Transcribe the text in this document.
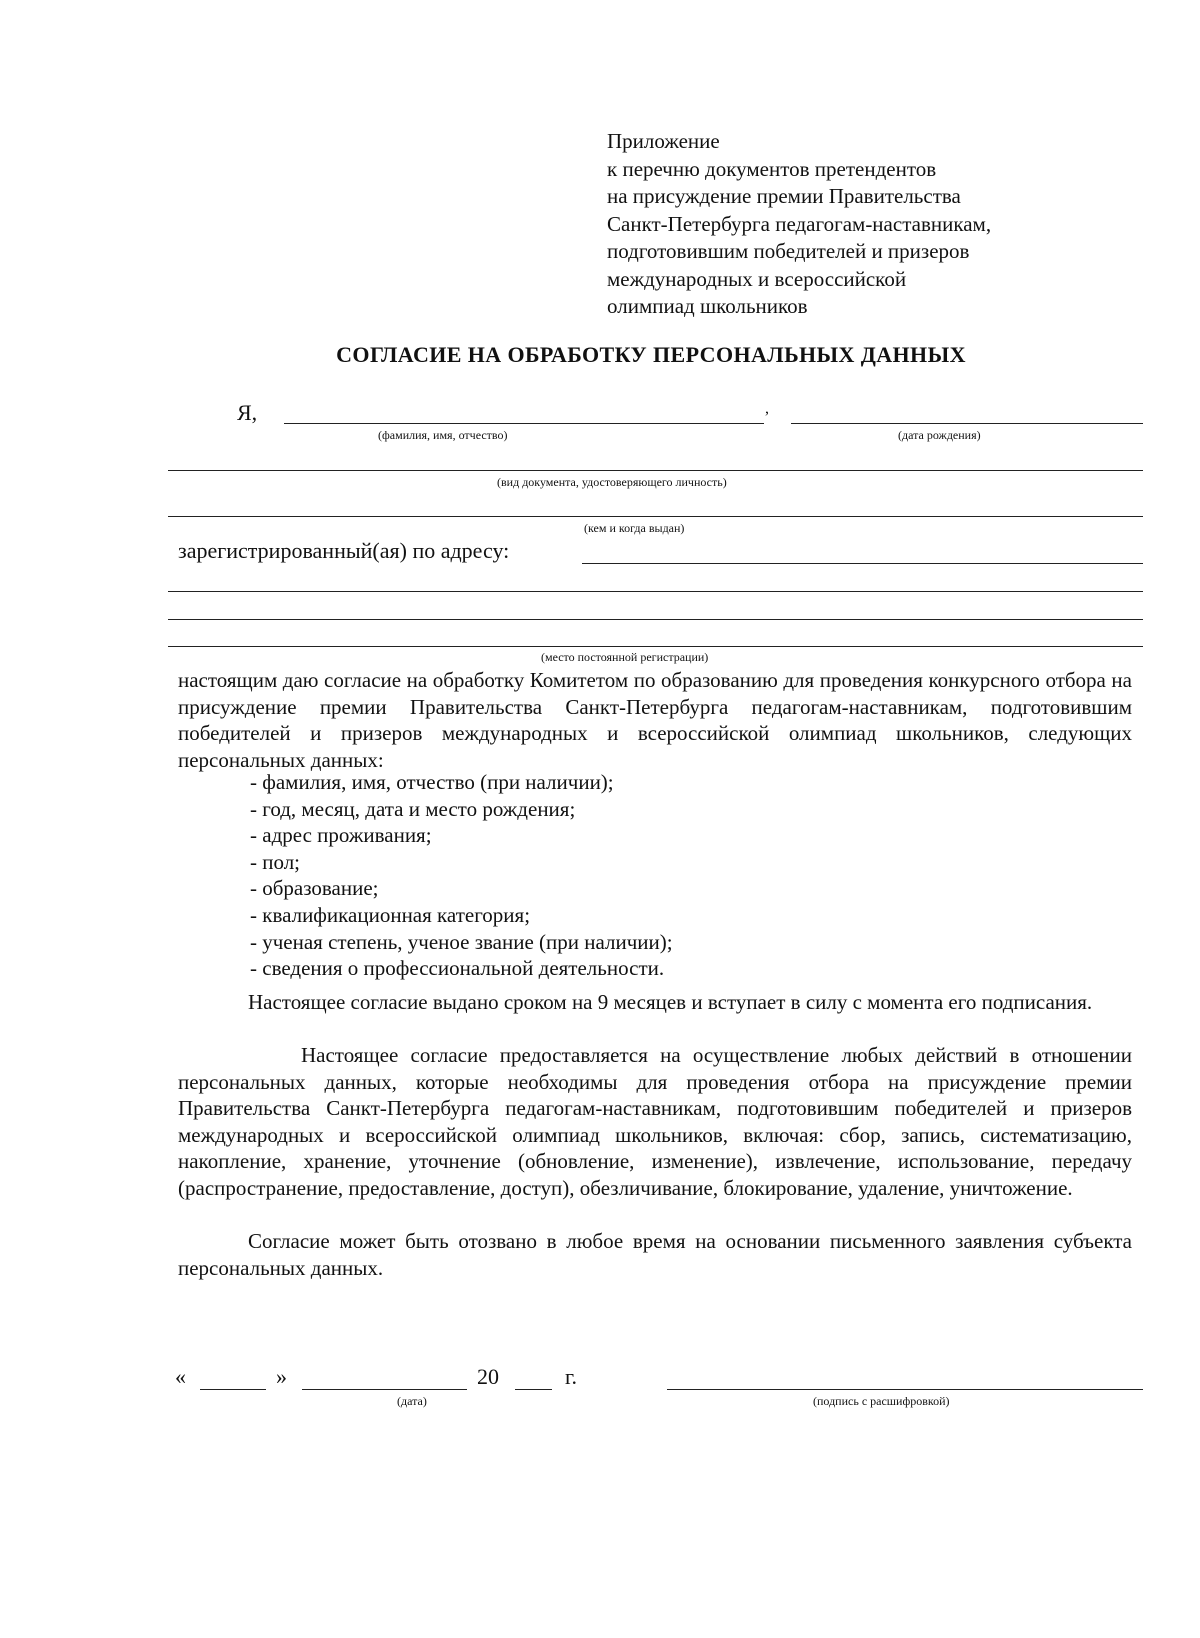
Приложение
к перечню документов претендентов
на присуждение премии Правительства
Санкт-Петербурга педагогам-наставникам,
подготовившим победителей и призеров
международных и всероссийской
олимпиад школьников
СОГЛАСИЕ НА ОБРАБОТКУ ПЕРСОНАЛЬНЫХ ДАННЫХ
Я,	,
(фамилия, имя, отчество)	(дата рождения)
(вид документа, удостоверяющего личность)
(кем и когда выдан)
зарегистрированный(ая) по адресу:
(место постоянной регистрации)
настоящим даю согласие на обработку Комитетом по образованию для проведения конкурсного отбора на присуждение премии Правительства Санкт-Петербурга педагогам-наставникам, подготовившим победителей и призеров международных и всероссийской олимпиад школьников, следующих персональных данных:
- фамилия, имя, отчество (при наличии);
- год, месяц, дата и место рождения;
- адрес проживания;
- пол;
- образование;
- квалификационная категория;
- ученая степень, ученое звание (при наличии);
- сведения о профессиональной деятельности.
Настоящее согласие выдано сроком на 9 месяцев и вступает в силу с момента его подписания.
Настоящее согласие предоставляется на осуществление любых действий в отношении персональных данных, которые необходимы для проведения отбора на присуждение премии Правительства Санкт-Петербурга педагогам-наставникам, подготовившим победителей и призеров международных и всероссийской олимпиад школьников, включая: сбор, запись, систематизацию, накопление, хранение, уточнение (обновление, изменение), извлечение, использование, передачу (распространение, предоставление, доступ), обезличивание, блокирование, удаление, уничтожение.
Согласие может быть отозвано в любое время на основании письменного заявления субъекта персональных данных.
«	»	20	г.
(дата)	(подпись с расшифровкой)
